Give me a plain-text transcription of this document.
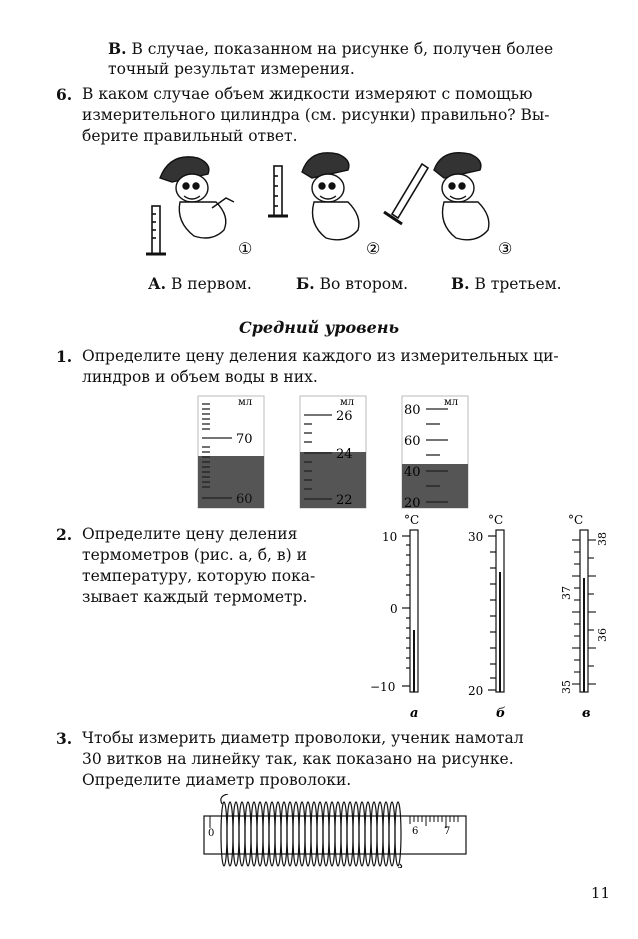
В. В случае, показанном на рисунке б, получен более
точный результат измерения.
6. В каком случае объем жидкости измеряют с помощью
измерительного цилиндра (см. рисунки) правильно? Вы-
берите правильный ответ.
①	②	③
А. В первом.	Б. Во втором.	В. В третьем.
Средний уровень
1. Определите цену деления каждого из измерительных ци-
линдров и объем воды в них.
мл
70
60
мл
26
24
22
мл
80
60
40
20
2. Определите цену деления
термометров (рис. а, б, в) и
температуру, которую пока-
зывает каждый термометр.
°C
10
0
−10
а
°C
30
20
б
°C
38
37
36
35
в
3. Чтобы измерить диаметр проволоки, ученик намотал
30 витков на линейку так, как показано на рисунке.
Определите диаметр проволоки.
0	6	7
11
